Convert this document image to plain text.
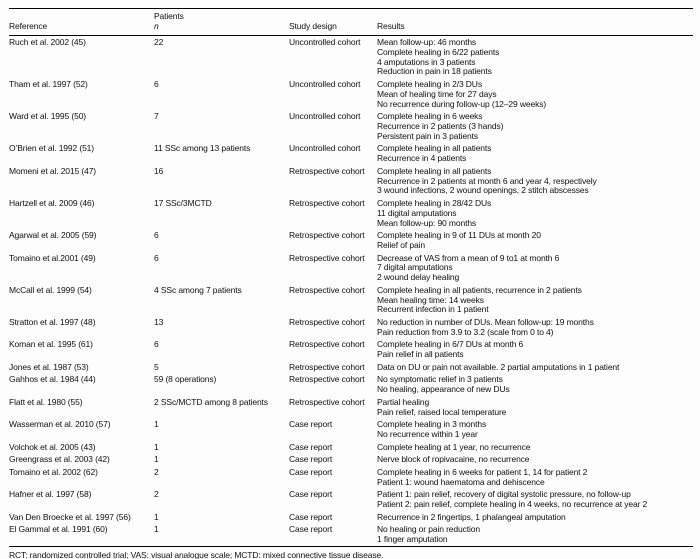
Reference	Patients
n	Study design	Results
Ruch et al. 2002 (45)	22	Uncontrolled cohort	Mean follow-up: 46 months
Complete healing in 6/22 patients
4 amputations in 3 patients
Reduction in pain in 18 patients

Tham et al. 1997 (52)	6	Uncontrolled cohort	Complete healing in 2/3 DUs
Mean of healing time for 27 days
No recurrence during follow-up (12–29 weeks)

Ward et al. 1995 (50)	7	Uncontrolled cohort	Complete healing in 6 weeks
Recurrence in 2 patients (3 hands)
Persistent pain in 3 patients

O’Brien et al. 1992 (51)	11 SSc among 13 patients	Uncontrolled cohort	Complete healing in all patients
Recurrence in 4 patients

Momeni et al. 2015 (47)	16	Retrospective cohort	Complete healing in all patients
Recurrence in 2 patients at month 6 and year 4, respectively
3 wound infections, 2 wound openings, 2 stitch abscesses

Hartzell et al. 2009 (46)	17 SSc/3MCTD	Retrospective cohort	Complete healing in 28/42 DUs
11 digital amputations
Mean follow-up: 90 months

Agarwal et al. 2005 (59)	6	Retrospective cohort	Complete healing in 9 of 11 DUs at month 20
Relief of pain

Tomaino et al.2001 (49)	6	Retrospective cohort	Decrease of VAS from a mean of 9 to1 at month 6
7 digital amputations
2 wound delay healing

McCall et al. 1999 (54)	4 SSc among 7 patients	Retrospective cohort	Complete healing in all patients, recurrence in 2 patients
Mean healing time: 14 weeks
Recurrent infection in 1 patient

Stratton et al. 1997 (48)	13	Retrospective cohort	No reduction in number of DUs. Mean follow-up: 19 months
Pain reduction from 3.9 to 3.2 (scale from 0 to 4)

Koman et al. 1995 (61)	6	Retrospective cohort	Complete healing in 6/7 DUs at month 6
Pain relief in all patients

Jones et al. 1987 (53)	5	Retrospective cohort	Data on DU or pain not available. 2 partial amputations in 1 patient

Gahhos et al. 1984 (44)	59 (8 operations)	Retrospective cohort	No symptomatic relief in 3 patients
No healing, appearance of new DUs

Flatt et al. 1980 (55)	2 SSc/MCTD among 8 patients	Retrospective cohort	Partial healing
Pain relief, raised local temperature

Wasserman et al. 2010 (57)	1	Case report	Complete healing in 3 months
No recurrence within 1 year

Volchok et al. 2005 (43)	1	Case report	Complete healing at 1 year, no recurrence

Greengrass et al. 2003 (42)	1	Case report	Nerve block of ropivacaine, no recurrence

Tomaino et al. 2002 (62)	2	Case report	Complete healing in 6 weeks for patient 1, 14 for patient 2
Patient 1: wound haematoma and dehiscence

Hafner et al. 1997 (58)	2	Case report	Patient 1: pain relief, recovery of digital systolic pressure, no follow-up
Patient 2: pain relief, complete healing in 4 weeks, no recurrence at year 2

Van Den Broecke et al. 1997 (56)	1	Case report	Recurrence in 2 fingertips, 1 phalangeal amputation

El Gammal et al. 1991 (60)	1	Case report	No healing or pain reduction
1 finger amputation
RCT: randomized controlled trial; VAS: visual analogue scale; MCTD: mixed connective tissue disease.
